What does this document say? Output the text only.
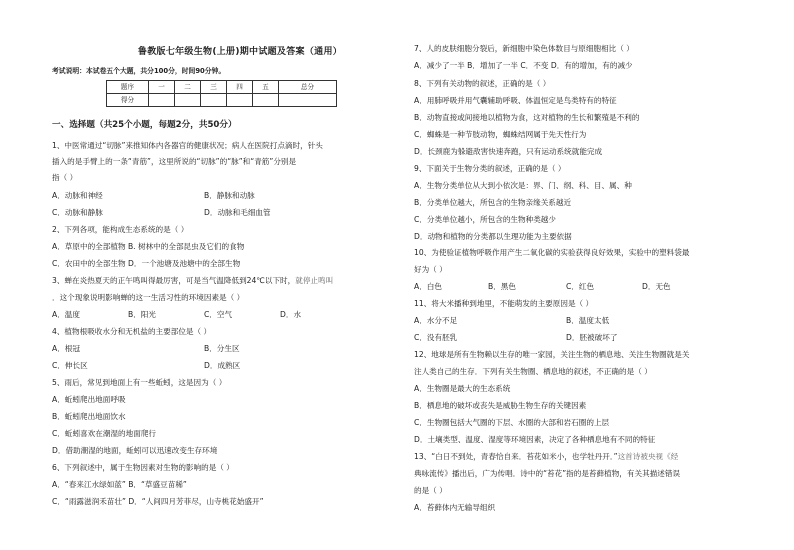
鲁教版七年级生物(上册)期中试题及答案（通用）
考试说明：本试卷五个大题，共分100分，时间90分钟。
题序	一	二	三	四	五	总分
得分						
一、选择题（共25个小题，每题2分，共50分）
1、中医常通过“切脉”来推知体内各器官的健康状况；病人在医院打点滴时，针头
插入的是手臂上的一条“青筋”，这里所说的“切脉”的“脉”和“青筋”分别是
指（ ）
A．动脉和神经	B．静脉和动脉
C．动脉和静脉	D．动脉和毛细血管
2、下列各项，能构成生态系统的是（ ）
A．草原中的全部植物 B. 树林中的全部昆虫及它们的食物
C．农田中的全部生物 D．一个池塘及池塘中的全部生物
3、蝉在炎热夏天的正午鸣叫得最厉害，可是当气温降低到24℃以下时，就停止鸣叫
．这个现象说明影响蝉的这一生活习性的环境因素是（ ）
A．温度	B．阳光	C．空气	D．水
4、植物根吸收水分和无机盐的主要部位是（ ）
A．根冠	B．分生区
C．伸长区	D．成熟区
5、雨后，常见到地面上有一些蚯蚓，这是因为（ ）
A．蚯蚓爬出地面呼吸
B．蚯蚓爬出地面饮水
C．蚯蚓喜欢在潮湿的地面爬行
D．借助潮湿的地面，蚯蚓可以迅速改变生存环境
6、下列叙述中，属于生物因素对生物的影响的是（ ）
A．“春来江水绿如蓝” B．“草盛豆苗稀”
C．“雨露滋润禾苗壮” D．“人间四月芳菲尽，山寺桃花始盛开”
7、人的皮肤细胞分裂后，新细胞中染色体数目与原细胞相比（ ）
A．减少了一半 B．增加了一半 C．不变 D．有的增加，有的减少
8、下列有关动物的叙述，正确的是（ ）
A．用肺呼吸并用气囊辅助呼吸、体温恒定是鸟类特有的特征
B．动物直接或间接地以植物为食，这对植物的生长和繁殖是不利的
C．蜘蛛是一种节肢动物，蜘蛛结网属于先天性行为
D．长颈鹿为躲避敌害快速奔跑，只有运动系统就能完成
9、下面关于生物分类的叙述，正确的是（ ）
A．生物分类单位从大到小依次是：界、门、纲、科、目、属、种
B．分类单位越大，所包含的生物亲缘关系越近
C．分类单位越小，所包含的生物种类越少
D．动物和植物的分类都以生理功能为主要依据
10、为使验证植物呼吸作用产生二氧化碳的实验获得良好效果，实验中的塑料袋最
好为（ ）
A．白色	B．黑色	C．红色	D．无色
11、将大米播种到地里，不能萌发的主要原因是（ ）
A．水分不足	B．温度太低
C．没有胚乳	D．胚被破坏了
12、地球是所有生物赖以生存的唯一家园，关注生物的栖息地、关注生物圈就是关
注人类自己的生存．下列有关生物圈、栖息地的叙述，不正确的是（ ）
A．生物圈是最大的生态系统
B．栖息地的破坏或丧失是威胁生物生存的关键因素
C．生物圈包括大气圈的下层、水圈的大部和岩石圈的上层
D．土壤类型、温度、湿度等环境因素，决定了各种栖息地有不同的特征
13、“白日不到处，青春恰自来．苔花如米小，也学牡丹开．”这首诗被央视《经
典咏流传》播出后，广为传唱．诗中的“苔花”指的是苔藓植物，有关其描述错误
的是（ ）
A．苔藓体内无输导组织
